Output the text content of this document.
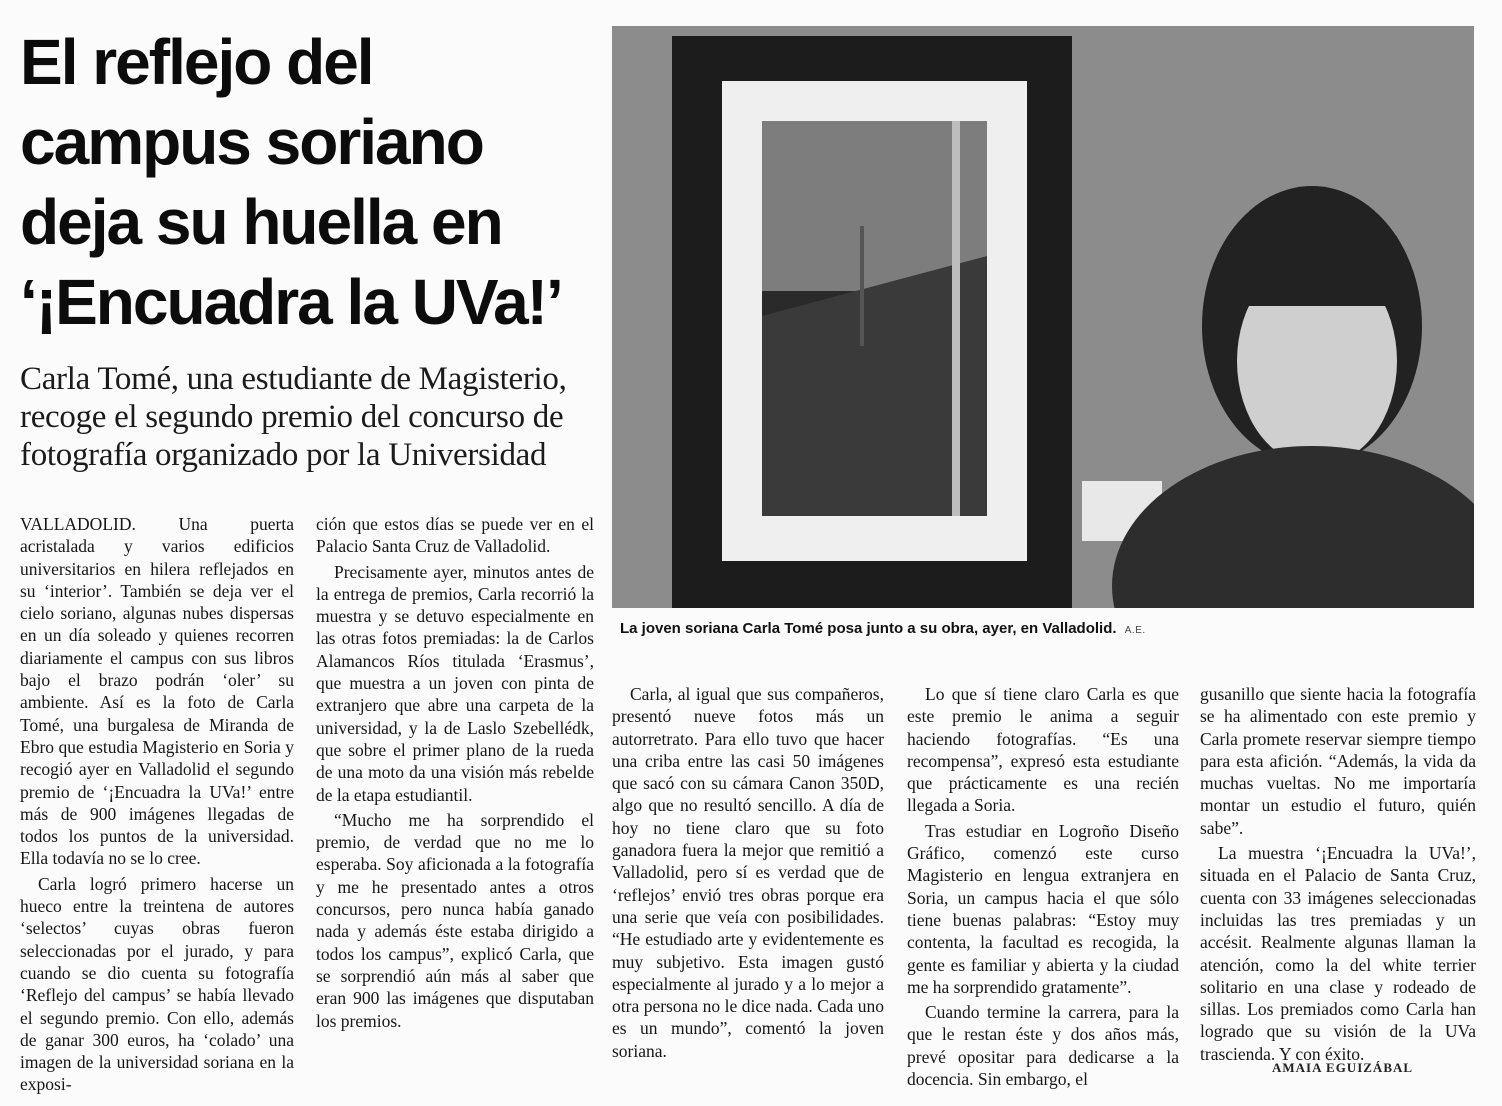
El reflejo del
campus soriano
deja su huella en
‘¡Encuadra la UVa!’
Carla Tomé, una estudiante de Magisterio,
recoge el segundo premio del concurso de
fotografía organizado por la Universidad

La joven soriana Carla Tomé posa junto a su obra, ayer, en Valladolid. A.E.

VALLADOLID. Una puerta acristalada y varios edificios universitarios en hilera reflejados en su ‘interior’. También se deja ver el cielo soriano, algunas nubes dispersas en un día soleado y quienes recorren diariamente el campus con sus libros bajo el brazo podrán ‘oler’ su ambiente. Así es la foto de Carla Tomé, una burgalesa de Miranda de Ebro que estudia Magisterio en Soria y recogió ayer en Valladolid el segundo premio de ‘¡Encuadra la UVa!’ entre más de 900 imágenes llegadas de todos los puntos de la universidad. Ella todavía no se lo cree.

Carla logró primero hacerse un hueco entre la treintena de autores ‘selectos’ cuyas obras fueron seleccionadas por el jurado, y para cuando se dio cuenta su fotografía ‘Reflejo del campus’ se había llevado el segundo premio. Con ello, además de ganar 300 euros, ha ‘colado’ una imagen de la universidad soriana en la exposi-

ción que estos días se puede ver en el Palacio Santa Cruz de Valladolid.

Precisamente ayer, minutos antes de la entrega de premios, Carla recorrió la muestra y se detuvo especialmente en las otras fotos premiadas: la de Carlos Alamancos Ríos titulada ‘Erasmus’, que muestra a un joven con pinta de extranjero que abre una carpeta de la universidad, y la de Laslo Szebellédk, que sobre el primer plano de la rueda de una moto da una visión más rebelde de la etapa estudiantil.

“Mucho me ha sorprendido el premio, de verdad que no me lo esperaba. Soy aficionada a la fotografía y me he presentado antes a otros concursos, pero nunca había ganado nada y además éste estaba dirigido a todos los campus”, explicó Carla, que se sorprendió aún más al saber que eran 900 las imágenes que disputaban los premios.

Carla, al igual que sus compañeros, presentó nueve fotos más un autorretrato. Para ello tuvo que hacer una criba entre las casi 50 imágenes que sacó con su cámara Canon 350D, algo que no resultó sencillo. A día de hoy no tiene claro que su foto ganadora fuera la mejor que remitió a Valladolid, pero sí es verdad que de ‘reflejos’ envió tres obras porque era una serie que veía con posibilidades. “He estudiado arte y evidentemente es muy subjetivo. Esta imagen gustó especialmente al jurado y a lo mejor a otra persona no le dice nada. Cada uno es un mundo”, comentó la joven soriana.

Lo que sí tiene claro Carla es que este premio le anima a seguir haciendo fotografías. “Es una recompensa”, expresó esta estudiante que prácticamente es una recién llegada a Soria.

Tras estudiar en Logroño Diseño Gráfico, comenzó este curso Magisterio en lengua extranjera en Soria, un campus hacia el que sólo tiene buenas palabras: “Estoy muy contenta, la facultad es recogida, la gente es familiar y abierta y la ciudad me ha sorprendido gratamente”.

Cuando termine la carrera, para la que le restan éste y dos años más, prevé opositar para dedicarse a la docencia. Sin embargo, el

gusanillo que siente hacia la fotografía se ha alimentado con este premio y Carla promete reservar siempre tiempo para esta afición. “Además, la vida da muchas vueltas. No me importaría montar un estudio el futuro, quién sabe”.

La muestra ‘¡Encuadra la UVa!’, situada en el Palacio de Santa Cruz, cuenta con 33 imágenes seleccionadas incluidas las tres premiadas y un accésit. Realmente algunas llaman la atención, como la del white terrier solitario en una clase y rodeado de sillas. Los premiados como Carla han logrado que su visión de la UVa trascienda. Y con éxito.

AMAIA EGUIZÁBAL
